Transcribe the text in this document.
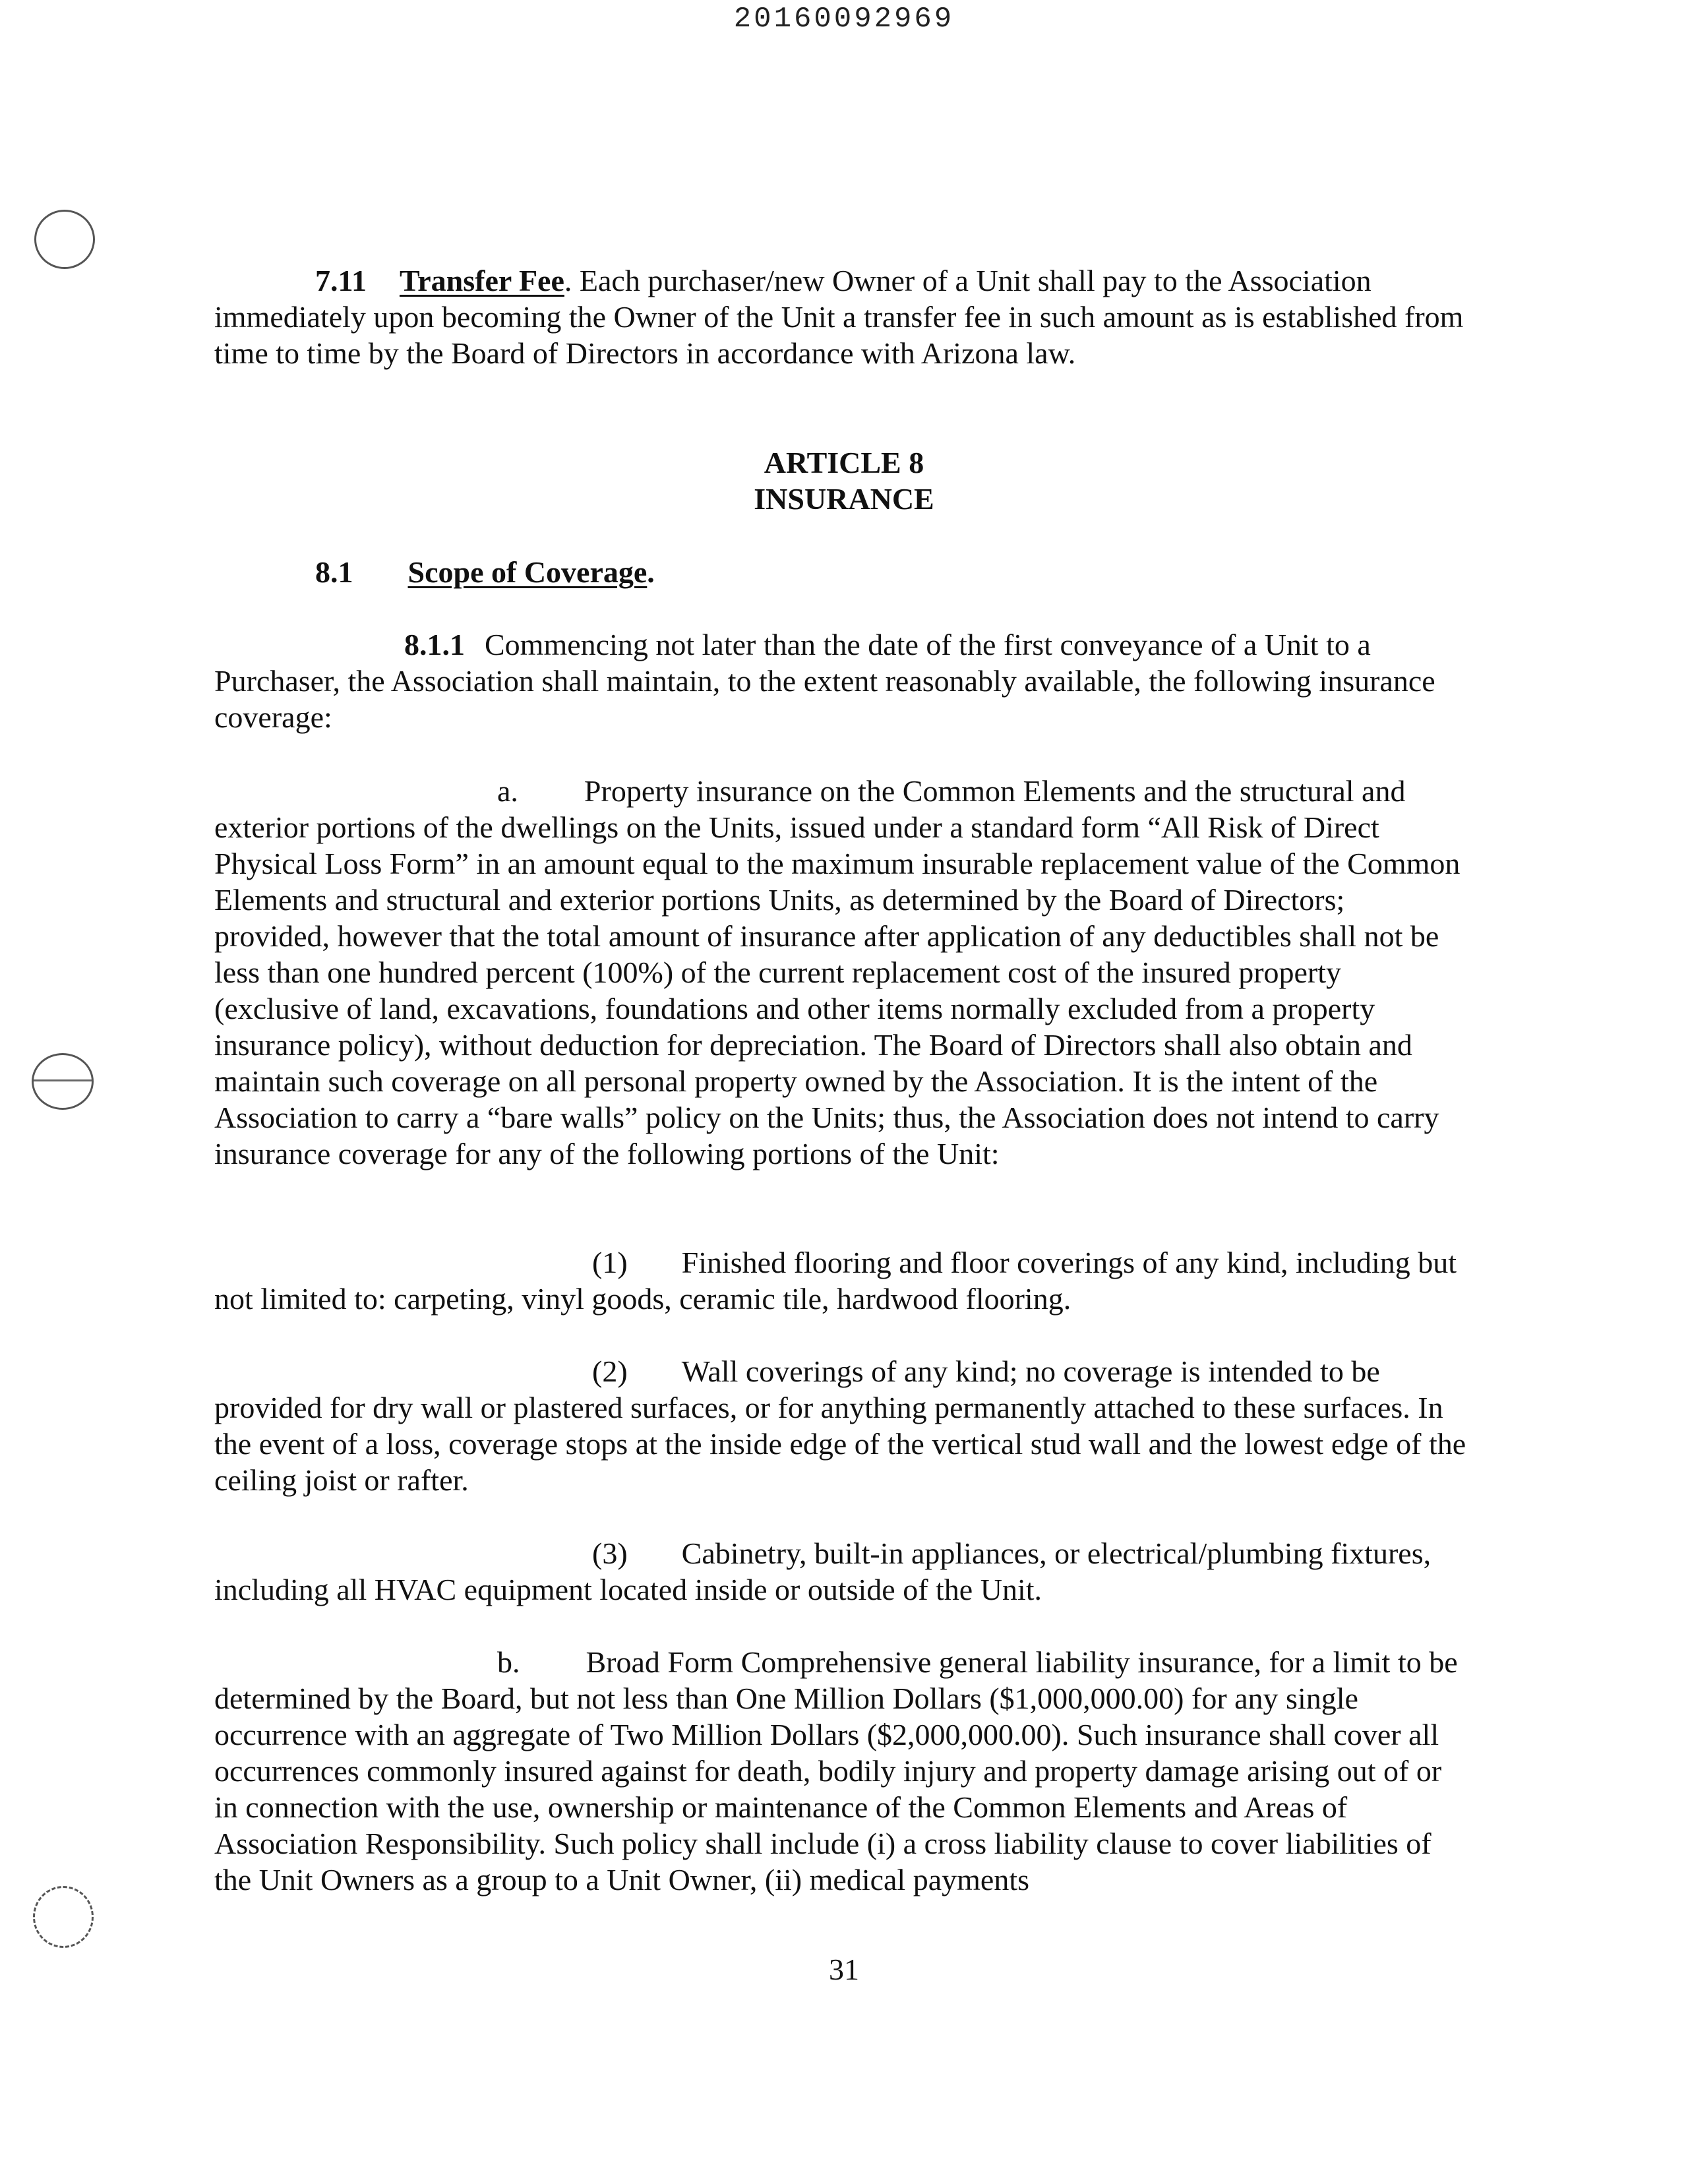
20160092969

7.11 Transfer Fee. Each purchaser/new Owner of a Unit shall pay to the Association immediately upon becoming the Owner of the Unit a transfer fee in such amount as is established from time to time by the Board of Directors in accordance with Arizona law.

ARTICLE 8
INSURANCE

8.1 Scope of Coverage.

8.1.1 Commencing not later than the date of the first conveyance of a Unit to a Purchaser, the Association shall maintain, to the extent reasonably available, the following insurance coverage:

a. Property insurance on the Common Elements and the structural and exterior portions of the dwellings on the Units, issued under a standard form “All Risk of Direct Physical Loss Form” in an amount equal to the maximum insurable replacement value of the Common Elements and structural and exterior portions Units, as determined by the Board of Directors; provided, however that the total amount of insurance after application of any deductibles shall not be less than one hundred percent (100%) of the current replacement cost of the insured property (exclusive of land, excavations, foundations and other items normally excluded from a property insurance policy), without deduction for depreciation. The Board of Directors shall also obtain and maintain such coverage on all personal property owned by the Association. It is the intent of the Association to carry a “bare walls” policy on the Units; thus, the Association does not intend to carry insurance coverage for any of the following portions of the Unit:

(1) Finished flooring and floor coverings of any kind, including but not limited to: carpeting, vinyl goods, ceramic tile, hardwood flooring.

(2) Wall coverings of any kind; no coverage is intended to be provided for dry wall or plastered surfaces, or for anything permanently attached to these surfaces. In the event of a loss, coverage stops at the inside edge of the vertical stud wall and the lowest edge of the ceiling joist or rafter.

(3) Cabinetry, built-in appliances, or electrical/plumbing fixtures, including all HVAC equipment located inside or outside of the Unit.

b. Broad Form Comprehensive general liability insurance, for a limit to be determined by the Board, but not less than One Million Dollars ($1,000,000.00) for any single occurrence with an aggregate of Two Million Dollars ($2,000,000.00). Such insurance shall cover all occurrences commonly insured against for death, bodily injury and property damage arising out of or in connection with the use, ownership or maintenance of the Common Elements and Areas of Association Responsibility. Such policy shall include (i) a cross liability clause to cover liabilities of the Unit Owners as a group to a Unit Owner, (ii) medical payments

31
